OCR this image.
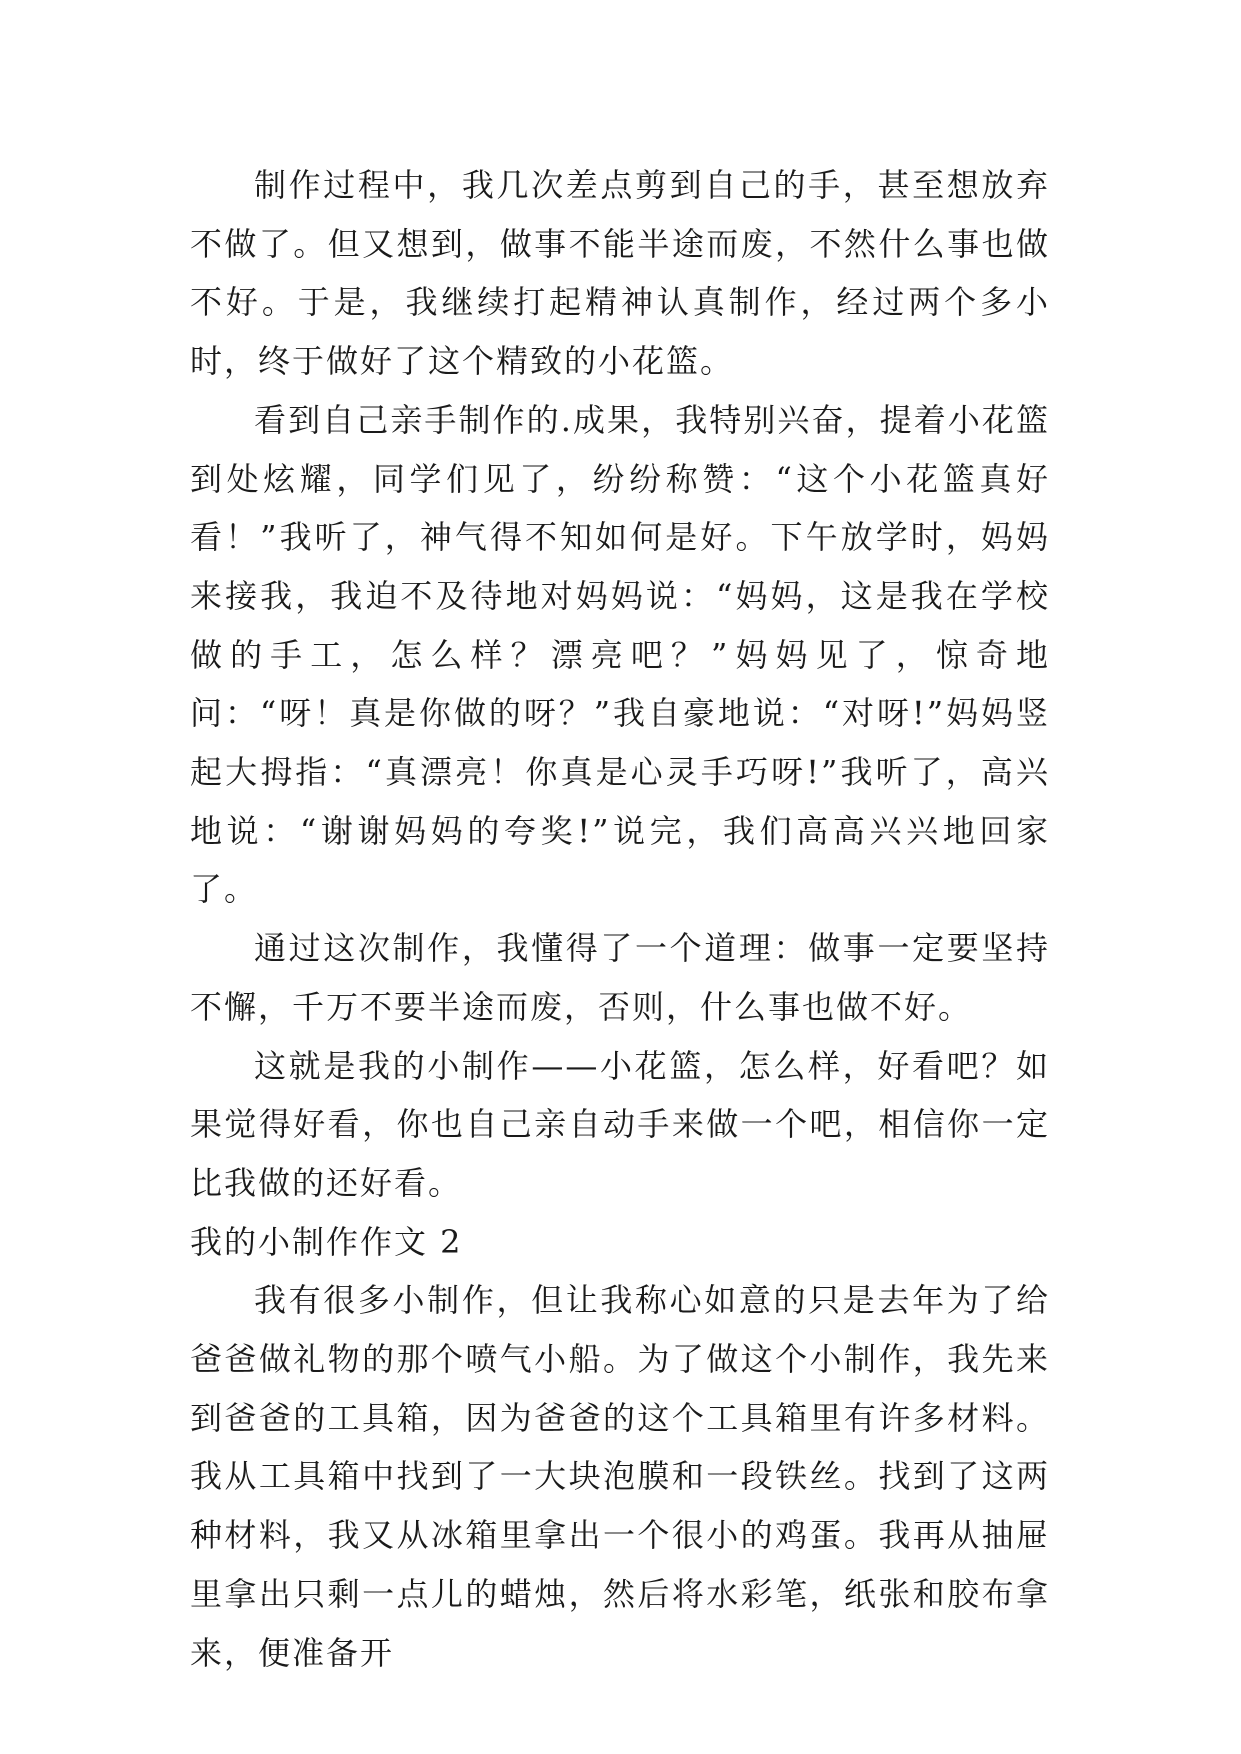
制作过程中，我几次差点剪到自己的手，甚至想放弃不做了。但又想到，做事不能半途而废，不然什么事也做不好。于是，我继续打起精神认真制作，经过两个多小时，终于做好了这个精致的小花篮。

看到自己亲手制作的.成果，我特别兴奋，提着小花篮到处炫耀，同学们见了，纷纷称赞：“这个小花篮真好看！”我听了，神气得不知如何是好。下午放学时，妈妈来接我，我迫不及待地对妈妈说：“妈妈，这是我在学校做的手工，怎么样？漂亮吧？”妈妈见了，惊奇地问：“呀！真是你做的呀？”我自豪地说：“对呀!”妈妈竖起大拇指：“真漂亮！你真是心灵手巧呀!”我听了，高兴地说：“谢谢妈妈的夸奖!”说完，我们高高兴兴地回家了。

通过这次制作，我懂得了一个道理：做事一定要坚持不懈，千万不要半途而废，否则，什么事也做不好。

这就是我的小制作——小花篮，怎么样，好看吧？如果觉得好看，你也自己亲自动手来做一个吧，相信你一定比我做的还好看。

我的小制作作文 2

我有很多小制作，但让我称心如意的只是去年为了给爸爸做礼物的那个喷气小船。为了做这个小制作，我先来到爸爸的工具箱，因为爸爸的这个工具箱里有许多材料。我从工具箱中找到了一大块泡膜和一段铁丝。找到了这两种材料，我又从冰箱里拿出一个很小的鸡蛋。我再从抽屉里拿出只剩一点儿的蜡烛，然后将水彩笔，纸张和胶布拿来，便准备开
